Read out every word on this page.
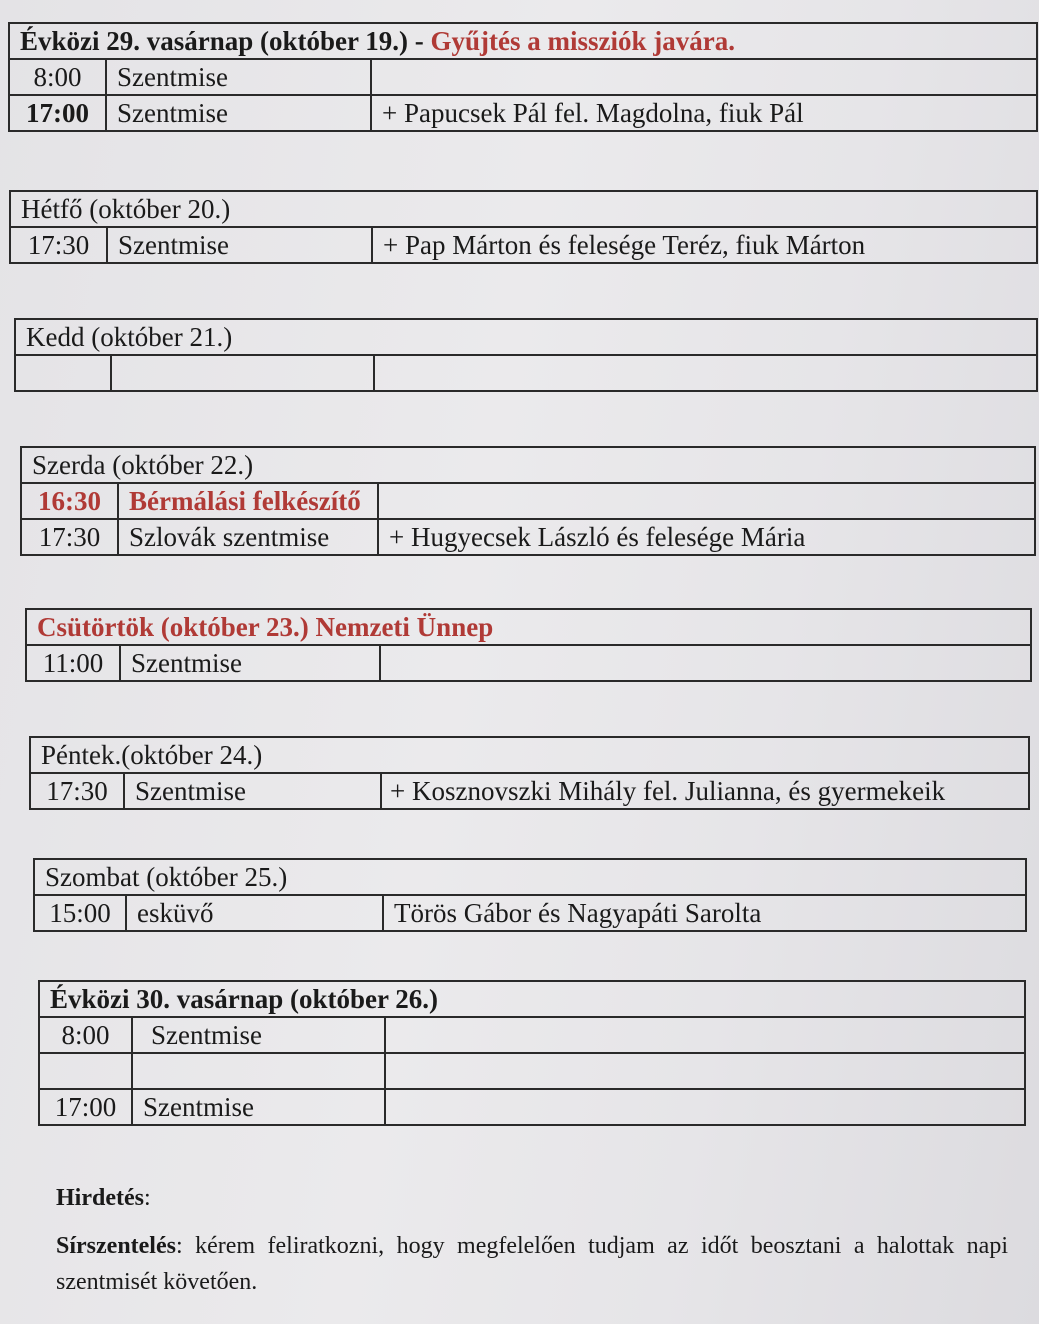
Évközi 29. vasárnap (október 19.) - Gyűjtés a missziók javára.		
8:00	Szentmise	
17:00	Szentmise	+ Papucsek Pál fel. Magdolna, fiuk Pál
Hétfő (október 20.)
17:30	Szentmise	+ Pap Márton és felesége Teréz, fiuk Márton
Kedd (október 21.)

Szerda (október 22.)		
16:30	Bérmálási felkészítő	
17:30	Szlovák szentmise	+ Hugyecsek László és felesége Mária
Csütörtök (október 23.) Nemzeti Ünnep
11:00	Szentmise	
Péntek.(október 24.)
17:30	Szentmise	+ Kosznovszki Mihály fel. Julianna, és gyermekeik
Szombat (október 25.)
15:00	esküvő	Törös Gábor és Nagyapáti Sarolta
Évközi 30. vasárnap (október 26.)		
8:00	Szentmise	

17:00	Szentmise	
Hirdetés:
Sírszentelés: kérem feliratkozni, hogy megfelelően tudjam az időt beosztani a halottak napi szentmisét követően.
